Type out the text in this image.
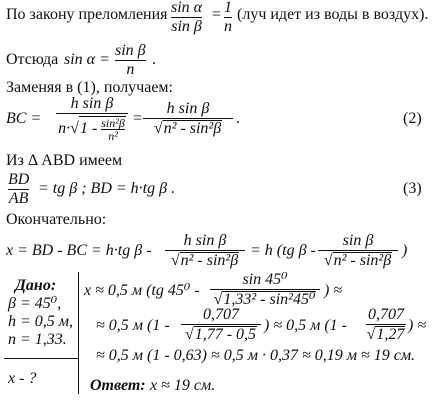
По закону преломления sin α
sin β
= 1
n
(луч идет из воды в воздух).
Отсюда sin α =
sin β
n
.
Заменяя в (1), получаем:
BC =
h sin β
$n\cdot√1 - \frac{\text{sin²β}}{\text{n²}}$ =
h sin β
√n² - sin²β
.	(2)
Из Δ ABD имеем
BD
AB
= tg β ; BD = h·tg β .	(3)
Окончательно:
x = BD - BC = h·tg β -
h sin β
√n² - sin²β
= h (tg β -
sin β
√n² - sin²β
)
Дано:
β = 45⁰,
h = 0,5 м,
n = 1,33.
x - ?
x ≈ 0,5 м (tg 45⁰ -
sin 45⁰
√1,33² - sin²45⁰
) ≈
≈ 0,5 м (1 -
0,707
√1,77 - 0,5
) ≈ 0,5 м (1 -
0,707
√1,27
) ≈
≈ 0,5 м (1 - 0,63) ≈ 0,5 м · 0,37 ≈ 0,19 м ≈ 19 см.
Ответ: x ≈ 19 см.
